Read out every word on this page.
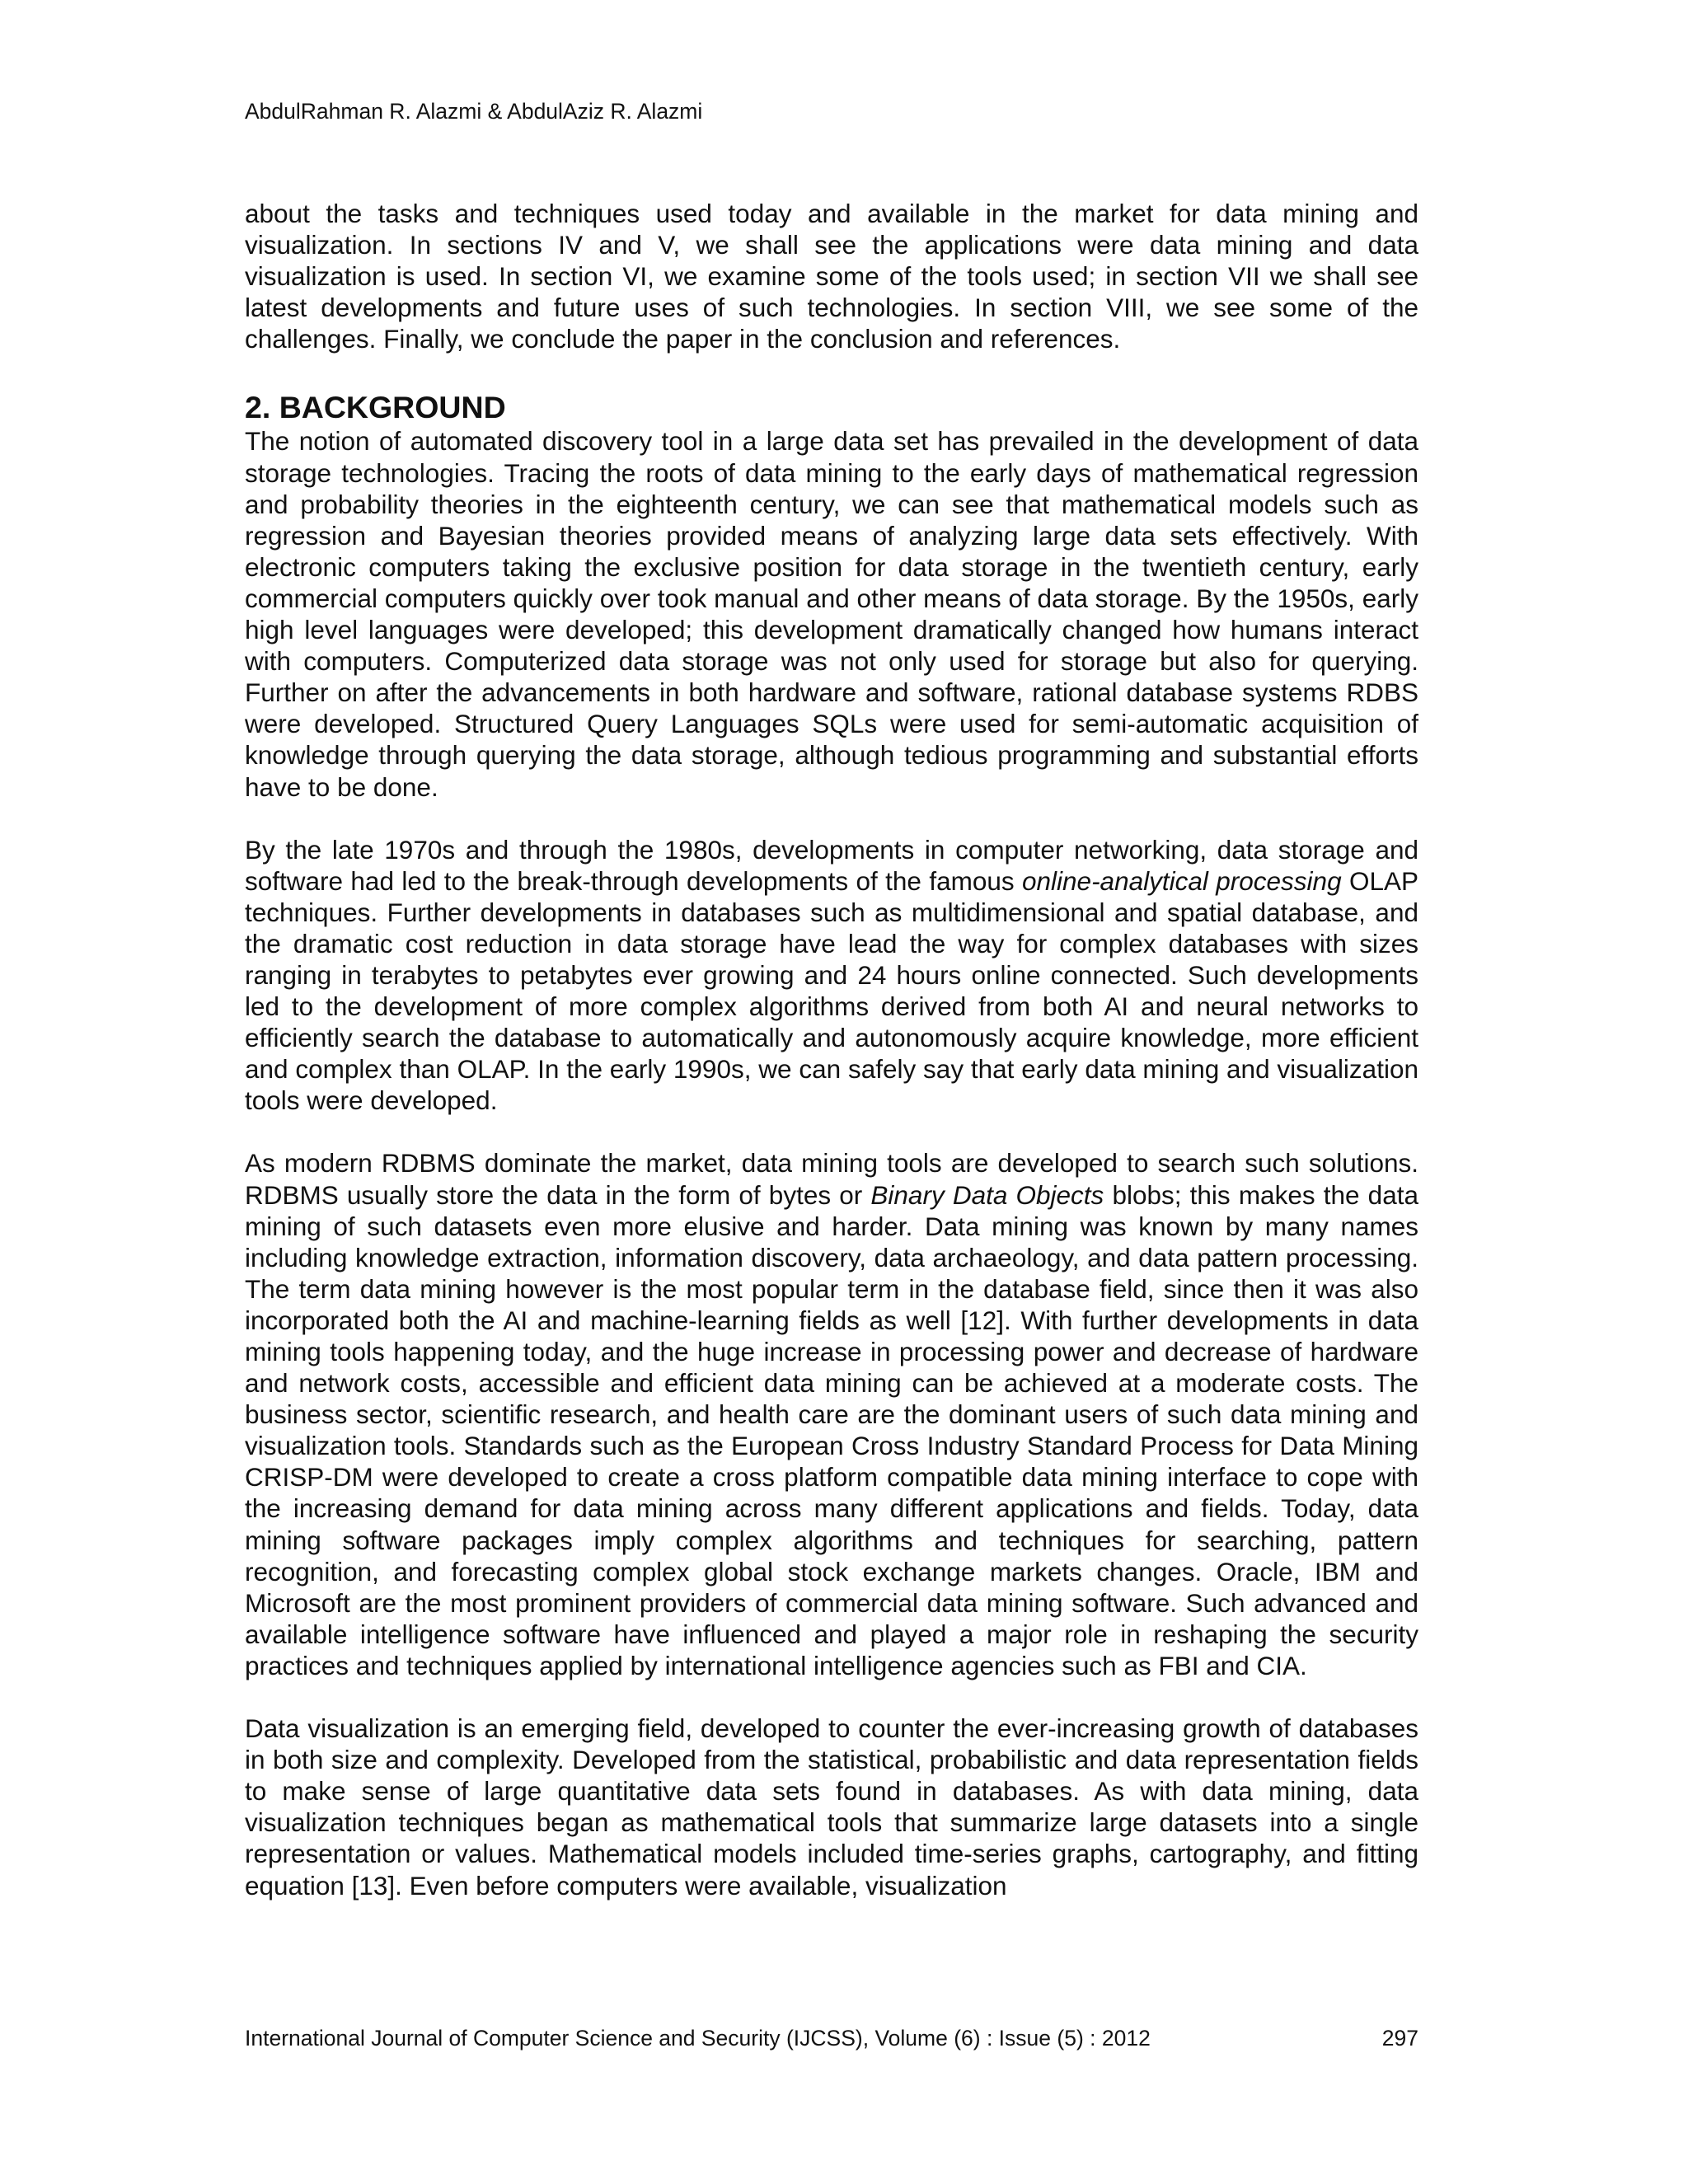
AbdulRahman R. Alazmi & AbdulAziz R. Alazmi

about the tasks and techniques used today and available in the market for data mining and visualization. In sections IV and V, we shall see the applications were data mining and data visualization is used. In section VI, we examine some of the tools used; in section VII we shall see latest developments and future uses of such technologies. In section VIII, we see some of the challenges. Finally, we conclude the paper in the conclusion and references.

2. BACKGROUND

The notion of automated discovery tool in a large data set has prevailed in the development of data storage technologies. Tracing the roots of data mining to the early days of mathematical regression and probability theories in the eighteenth century, we can see that mathematical models such as regression and Bayesian theories provided means of analyzing large data sets effectively. With electronic computers taking the exclusive position for data storage in the twentieth century, early commercial computers quickly over took manual and other means of data storage. By the 1950s, early high level languages were developed; this development dramatically changed how humans interact with computers. Computerized data storage was not only used for storage but also for querying. Further on after the advancements in both hardware and software, rational database systems RDBS were developed. Structured Query Languages SQLs were used for semi-automatic acquisition of knowledge through querying the data storage, although tedious programming and substantial efforts have to be done.

By the late 1970s and through the 1980s, developments in computer networking, data storage and software had led to the break-through developments of the famous online-analytical processing OLAP techniques. Further developments in databases such as multidimensional and spatial database, and the dramatic cost reduction in data storage have lead the way for complex databases with sizes ranging in terabytes to petabytes ever growing and 24 hours online connected. Such developments led to the development of more complex algorithms derived from both AI and neural networks to efficiently search the database to automatically and autonomously acquire knowledge, more efficient and complex than OLAP. In the early 1990s, we can safely say that early data mining and visualization tools were developed.

As modern RDBMS dominate the market, data mining tools are developed to search such solutions. RDBMS usually store the data in the form of bytes or Binary Data Objects blobs; this makes the data mining of such datasets even more elusive and harder. Data mining was known by many names including knowledge extraction, information discovery, data archaeology, and data pattern processing. The term data mining however is the most popular term in the database field, since then it was also incorporated both the AI and machine-learning fields as well [12]. With further developments in data mining tools happening today, and the huge increase in processing power and decrease of hardware and network costs, accessible and efficient data mining can be achieved at a moderate costs. The business sector, scientific research, and health care are the dominant users of such data mining and visualization tools. Standards such as the European Cross Industry Standard Process for Data Mining CRISP-DM were developed to create a cross platform compatible data mining interface to cope with the increasing demand for data mining across many different applications and fields. Today, data mining software packages imply complex algorithms and techniques for searching, pattern recognition, and forecasting complex global stock exchange markets changes. Oracle, IBM and Microsoft are the most prominent providers of commercial data mining software. Such advanced and available intelligence software have influenced and played a major role in reshaping the security practices and techniques applied by international intelligence agencies such as FBI and CIA.

Data visualization is an emerging field, developed to counter the ever-increasing growth of databases in both size and complexity. Developed from the statistical, probabilistic and data representation fields to make sense of large quantitative data sets found in databases. As with data mining, data visualization techniques began as mathematical tools that summarize large datasets into a single representation or values. Mathematical models included time-series graphs, cartography, and fitting equation [13]. Even before computers were available, visualization

International Journal of Computer Science and Security (IJCSS), Volume (6) : Issue (5) : 2012	297
